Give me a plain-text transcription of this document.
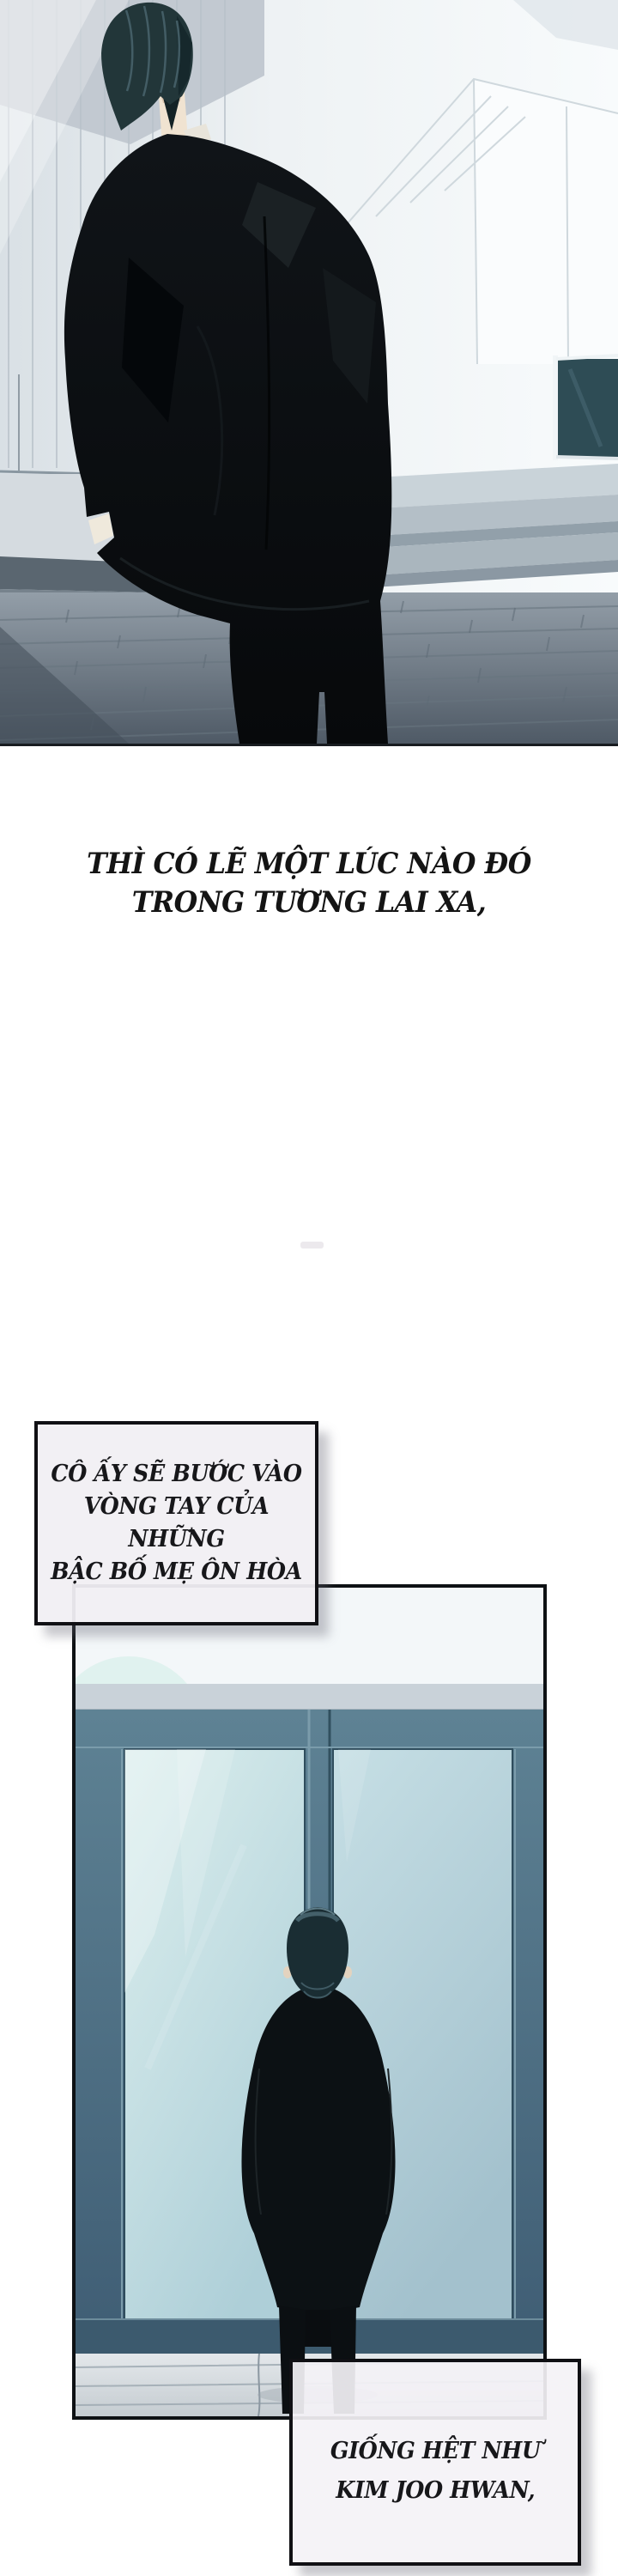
THÌ CÓ LẼ MỘT LÚC NÀO ĐÓ
TRONG TƯƠNG LAI XA,
CÔ ẤY SẼ BƯỚC VÀO
VÒNG TAY CỦA NHỮNG
BẬC BỐ MẸ ÔN HÒA
GIỐNG HỆT NHƯ
KIM JOO HWAN,
